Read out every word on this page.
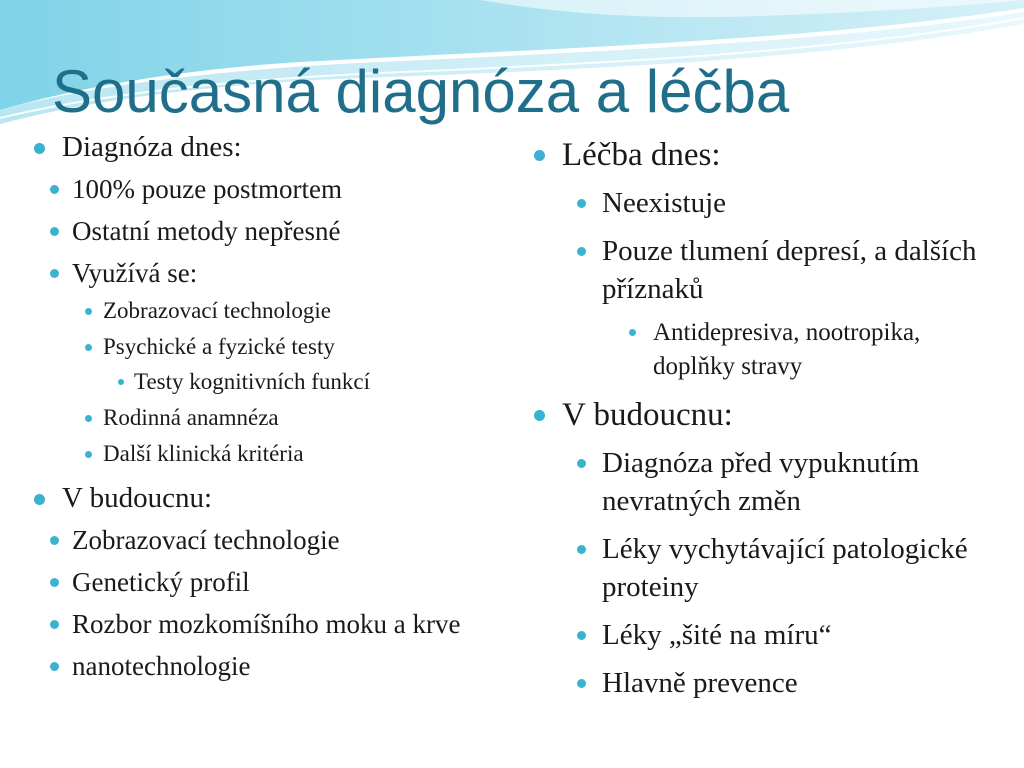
Současná diagnóza a léčba
Diagnóza dnes:
100% pouze postmortem
Ostatní metody nepřesné
Využívá se:
Zobrazovací technologie
Psychické a fyzické testy
Testy kognitivních funkcí
Rodinná anamnéza
Další klinická kritéria
V budoucnu:
Zobrazovací technologie
Genetický profil
Rozbor mozkomíšního moku a krve
nanotechnologie
Léčba dnes:
Neexistuje
Pouze tlumení depresí, a dalších příznaků
Antidepresiva, nootropika, doplňky stravy
V budoucnu:
Diagnóza před vypuknutím nevratných změn
Léky vychytávající patologické proteiny
Léky „šité na míru“
Hlavně prevence
